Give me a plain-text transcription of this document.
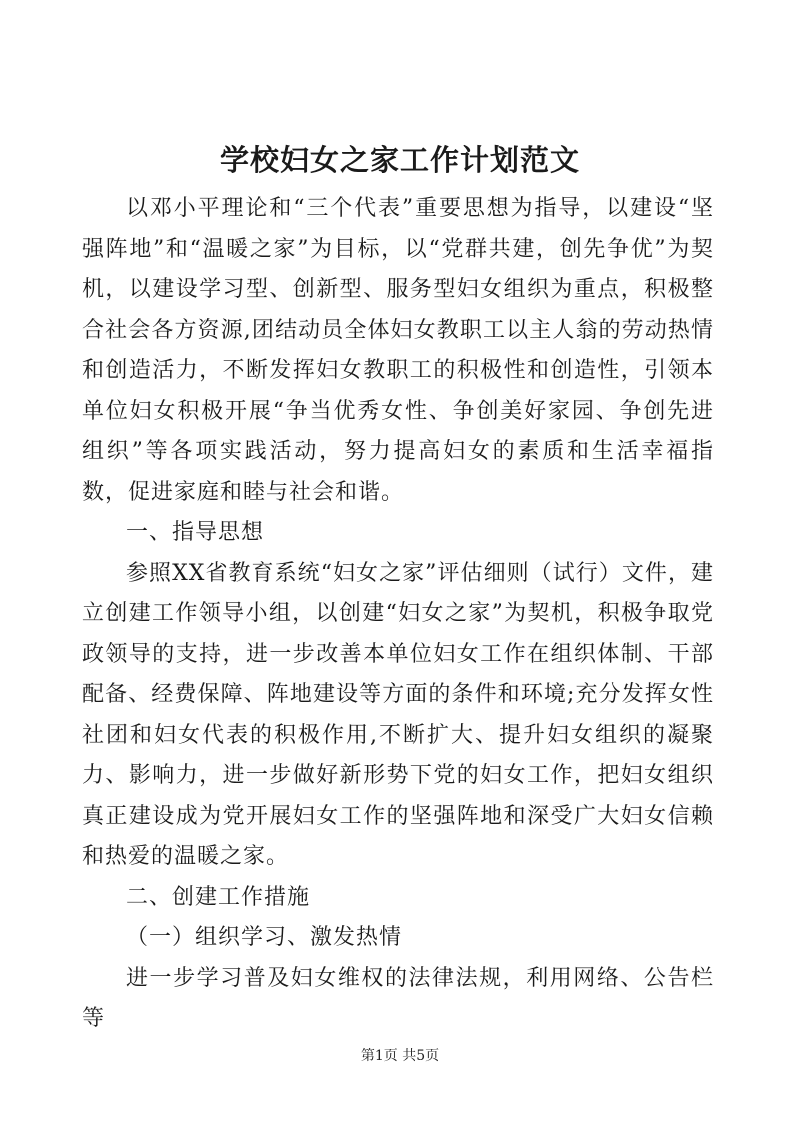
学校妇女之家工作计划范文

以邓小平理论和“三个代表”重要思想为指导，以建设“坚强阵地”和“温暖之家”为目标，以“党群共建，创先争优”为契机，以建设学习型、创新型、服务型妇女组织为重点，积极整合社会各方资源,团结动员全体妇女教职工以主人翁的劳动热情和创造活力，不断发挥妇女教职工的积极性和创造性，引领本单位妇女积极开展“争当优秀女性、争创美好家园、争创先进组织”等各项实践活动，努力提高妇女的素质和生活幸福指数，促进家庭和睦与社会和谐。

一、指导思想

参照XX省教育系统“妇女之家”评估细则（试行）文件，建立创建工作领导小组，以创建“妇女之家”为契机，积极争取党政领导的支持，进一步改善本单位妇女工作在组织体制、干部配备、经费保障、阵地建设等方面的条件和环境;充分发挥女性社团和妇女代表的积极作用,不断扩大、提升妇女组织的凝聚力、影响力，进一步做好新形势下党的妇女工作，把妇女组织真正建设成为党开展妇女工作的坚强阵地和深受广大妇女信赖和热爱的温暖之家。

二、创建工作措施

（一）组织学习、激发热情

进一步学习普及妇女维权的法律法规，利用网络、公告栏等

第1页 共5页
